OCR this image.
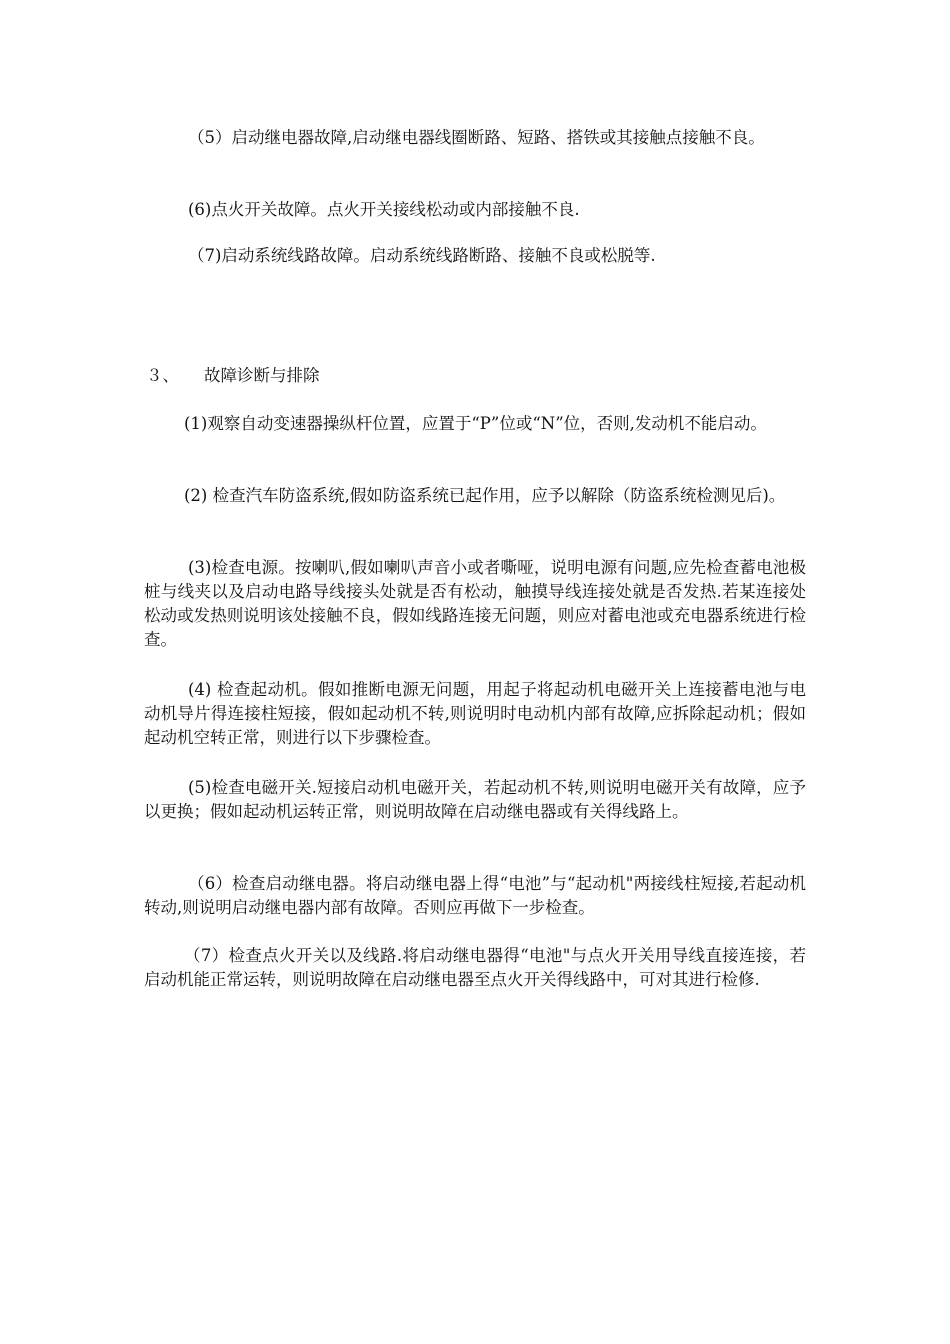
（5）启动继电器故障,启动继电器线圈断路、短路、搭铁或其接触点接触不良。

(6)点火开关故障。点火开关接线松动或内部接触不良.

（7)启动系统线路故障。启动系统线路断路、接触不良或松脱等.

３、 故障诊断与排除

(1)观察自动变速器操纵杆位置，应置于“P”位或“N”位，否则,发动机不能启动。

(2) 检查汽车防盗系统,假如防盗系统已起作用，应予以解除（防盗系统检测见后)。

(3)检查电源。按喇叭,假如喇叭声音小或者嘶哑，说明电源有问题,应先检查蓄电池极桩与线夹以及启动电路导线接头处就是否有松动，触摸导线连接处就是否发热.若某连接处松动或发热则说明该处接触不良，假如线路连接无问题，则应对蓄电池或充电器系统进行检查。

(4) 检查起动机。假如推断电源无问题，用起子将起动机电磁开关上连接蓄电池与电动机导片得连接柱短接，假如起动机不转,则说明时电动机内部有故障,应拆除起动机；假如起动机空转正常，则进行以下步骤检查。

(5)检查电磁开关.短接启动机电磁开关，若起动机不转,则说明电磁开关有故障，应予以更换；假如起动机运转正常，则说明故障在启动继电器或有关得线路上。

（6）检查启动继电器。将启动继电器上得“电池”与“起动机"两接线柱短接,若起动机转动,则说明启动继电器内部有故障。否则应再做下一步检查。

（7）检查点火开关以及线路.将启动继电器得“电池"与点火开关用导线直接连接，若启动机能正常运转，则说明故障在启动继电器至点火开关得线路中，可对其进行检修.
